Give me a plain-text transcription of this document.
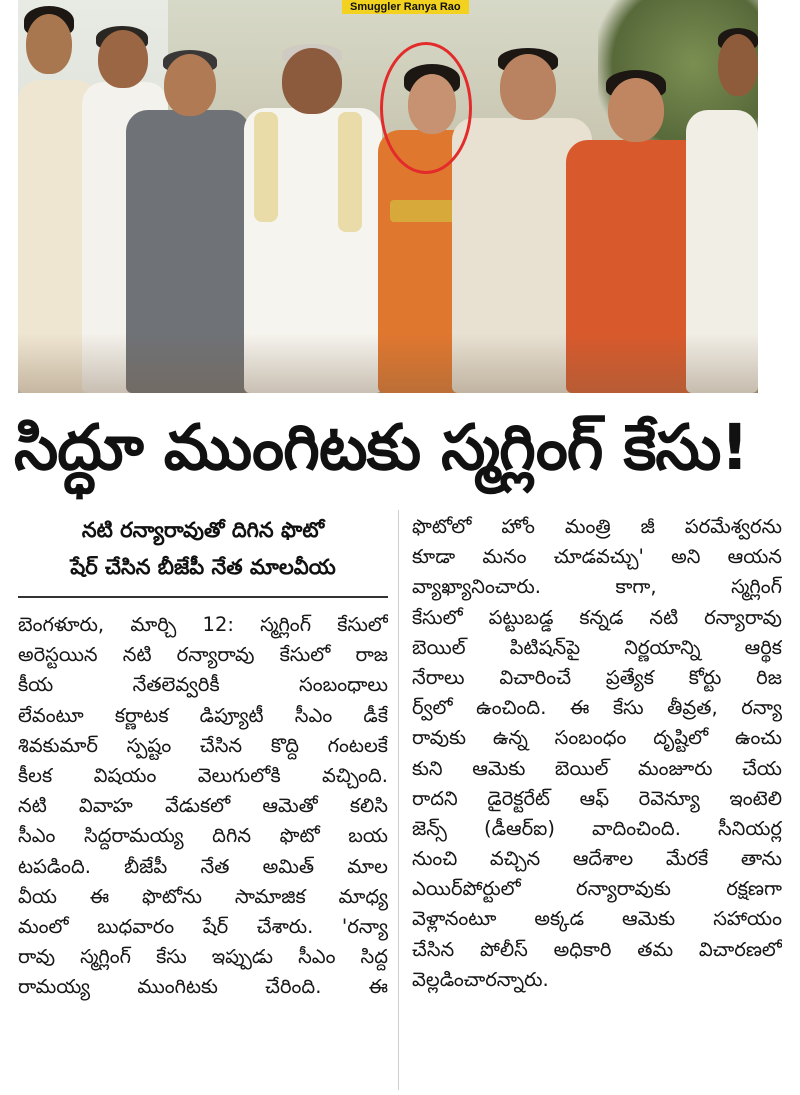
Smuggler Ranya Rao
సిద్ధూ ముంగిటకు స్మగ్లింగ్ కేసు!
నటి రన్యారావుతో దిగిన ఫొటో
షేర్ చేసిన బీజేపీ నేత మాలవీయ
బెంగళూరు, మార్చి 12: స్మగ్లింగ్ కేసులో
అరెస్టయిన నటి రన్యారావు కేసులో రాజ
కీయ నేతలెవ్వరికీ సంబంధాలు
లేవంటూ కర్ణాటక డిప్యూటీ సీఎం డీకే
శివకుమార్ స్పష్టం చేసిన కొద్ది గంటలకే
కీలక విషయం వెలుగులోకి వచ్చింది.
నటి వివాహ వేడుకలో ఆమెతో కలిసి
సీఎం సిద్దరామయ్య దిగిన ఫొటో బయ
టపడింది. బీజేపీ నేత అమిత్ మాల
వీయ ఈ ఫొటోను సామాజిక మాధ్య
మంలో బుధవారం షేర్ చేశారు. 'రన్యా
రావు స్మగ్లింగ్ కేసు ఇప్పుడు సీఎం సిద్ద
రామయ్య ముంగిటకు చేరింది. ఈ
ఫొటోలో హోం మంత్రి జీ పరమేశ్వరను
కూడా మనం చూడవచ్చు' అని ఆయన
వ్యాఖ్యానించారు. కాగా, స్మగ్లింగ్
కేసులో పట్టుబడ్డ కన్నడ నటి రన్యారావు
బెయిల్ పిటిషన్‌పై నిర్ణయాన్ని ఆర్థిక
నేరాలు విచారించే ప్రత్యేక కోర్టు రిజ
ర్వ్‌లో ఉంచింది. ఈ కేసు తీవ్రత, రన్యా
రావుకు ఉన్న సంబంధం దృష్టిలో ఉంచు
కుని ఆమెకు బెయిల్ మంజూరు చేయ
రాదని డైరెక్టరేట్ ఆఫ్ రెవెన్యూ ఇంటెలి
జెన్స్ (డీఆర్ఐ) వాదించింది. సీనియర్ల
నుంచి వచ్చిన ఆదేశాల మేరకే తాను
ఎయిర్‌పోర్టులో రన్యారావుకు రక్షణగా
వెళ్లానంటూ అక్కడ ఆమెకు సహాయం
చేసిన పోలీస్ అధికారి తమ విచారణలో
వెల్లడించారన్నారు.
